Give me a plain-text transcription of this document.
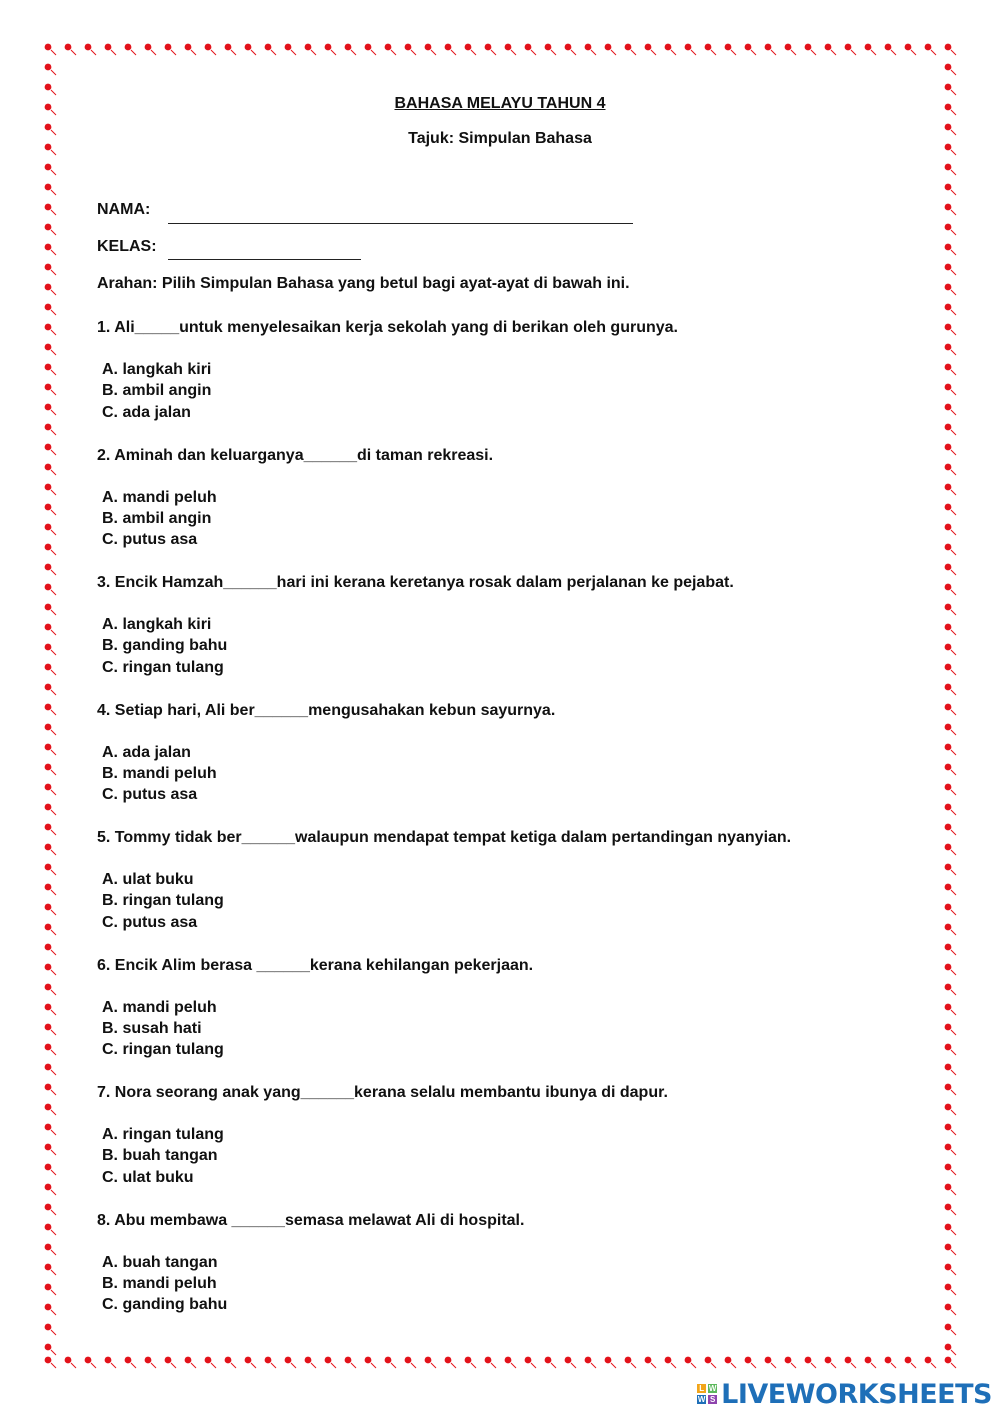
BAHASA MELAYU TAHUN 4
Tajuk: Simpulan Bahasa
NAMA:
KELAS:
Arahan: Pilih Simpulan Bahasa yang betul bagi ayat-ayat di bawah ini.
1. Ali_____untuk menyelesaikan kerja sekolah yang di berikan oleh gurunya.
A. langkah kiri
B. ambil angin
C. ada jalan
2. Aminah dan keluarganya______di taman rekreasi.
A. mandi peluh
B. ambil angin
C. putus asa
3. Encik Hamzah______hari ini kerana keretanya rosak dalam perjalanan ke pejabat.
A. langkah kiri
B. ganding bahu
C. ringan tulang
4. Setiap hari, Ali ber______mengusahakan kebun sayurnya.
A. ada jalan
B. mandi peluh
C. putus asa
5. Tommy tidak ber______walaupun mendapat tempat ketiga dalam pertandingan nyanyian.
A. ulat buku
B. ringan tulang
C. putus asa
6. Encik Alim berasa ______kerana kehilangan pekerjaan.
A. mandi peluh
B. susah hati
C. ringan tulang
7. Nora seorang anak yang______kerana selalu membantu ibunya di dapur.
A. ringan tulang
B. buah tangan
C. ulat buku
8. Abu membawa ______semasa melawat Ali di hospital.
A. buah tangan
B. mandi peluh
C. ganding bahu
L W
W S LIVEWORKSHEETS
